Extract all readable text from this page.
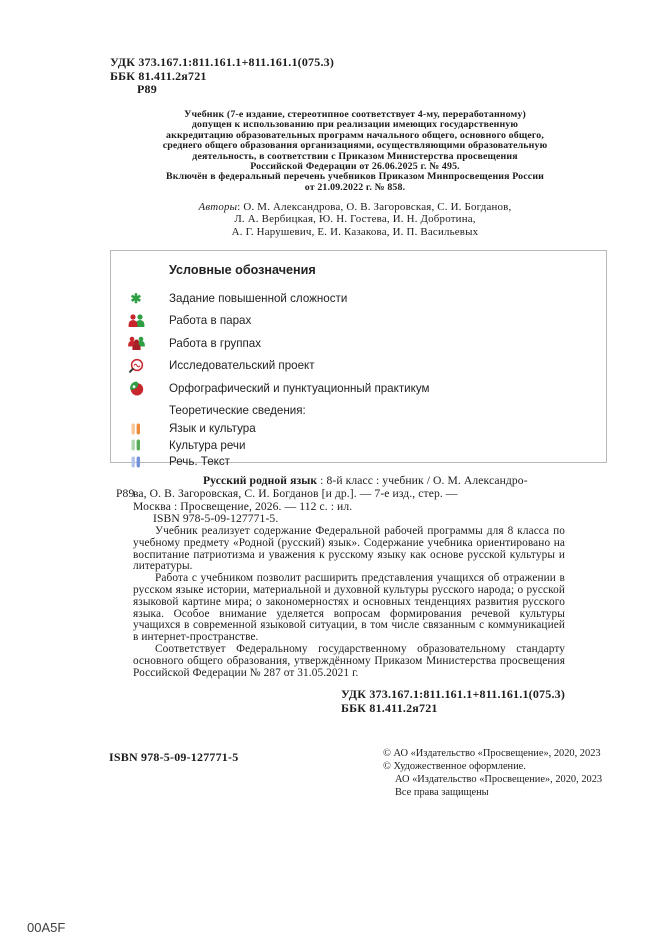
УДК 373.167.1:811.161.1+811.161.1(075.3)
ББК 81.411.2я721
Р89
Учебник (7-е издание, стереотипное соответствует 4-му, переработанному)
допущен к использованию при реализации имеющих государственную
аккредитацию образовательных программ начального общего, основного общего,
среднего общего образования организациями, осуществляющими образовательную
деятельность, в соответствии с Приказом Министерства просвещения
Российской Федерации от 26.06.2025 г. № 495.
Включён в федеральный перечень учебников Приказом Минпросвещения России
от 21.09.2022 г. № 858.
Авторы: О. М. Александрова, О. В. Загоровская, С. И. Богданов,
Л. А. Вербицкая, Ю. Н. Гостева, И. Н. Добротина,
А. Г. Нарушевич, Е. И. Казакова, И. П. Васильевых
Условные обозначения
✱	Задание повышенной сложности
Работа в парах
Работа в группах
Исследовательский проект
Орфографический и пунктуационный практикум
Теоретические сведения:
Язык и культура
Культура речи
Речь. Текст
Р89
Русский родной язык : 8-й класс : учебник / О. М. Александро-
ва, О. В. Загоровская, С. И. Богданов [и др.]. — 7-е изд., стер. —
Москва : Просвещение, 2026. — 112 с. : ил.
ISBN 978-5-09-127771-5.

Учебник реализует содержание Федеральной рабочей программы для 8 класса по учебному предмету «Родной (русский) язык». Содержание учебника ориентировано на воспитание патриотизма и уважения к русскому языку как основе русской культуры и литературы.

Работа с учебником позволит расширить представления учащихся об отражении в русском языке истории, материальной и духовной культуры русского народа; о русской языковой картине мира; о закономерностях и основных тенденциях развития русского языка. Особое внимание уделяется вопросам формирования речевой культуры учащихся в современной языковой ситуации, в том числе связанным с коммуникацией в интернет-пространстве.

Соответствует Федеральному государственному образовательному стандарту основного общего образования, утверждённому Приказом Министерства просвещения Российской Федерации № 287 от 31.05.2021 г.

УДК 373.167.1:811.161.1+811.161.1(075.3)
ББК 81.411.2я721
ISBN 978-5-09-127771-5	© АО «Издательство «Просвещение», 2020, 2023
© Художественное оформление.
АО «Издательство «Просвещение», 2020, 2023
Все права защищены
00A5F
